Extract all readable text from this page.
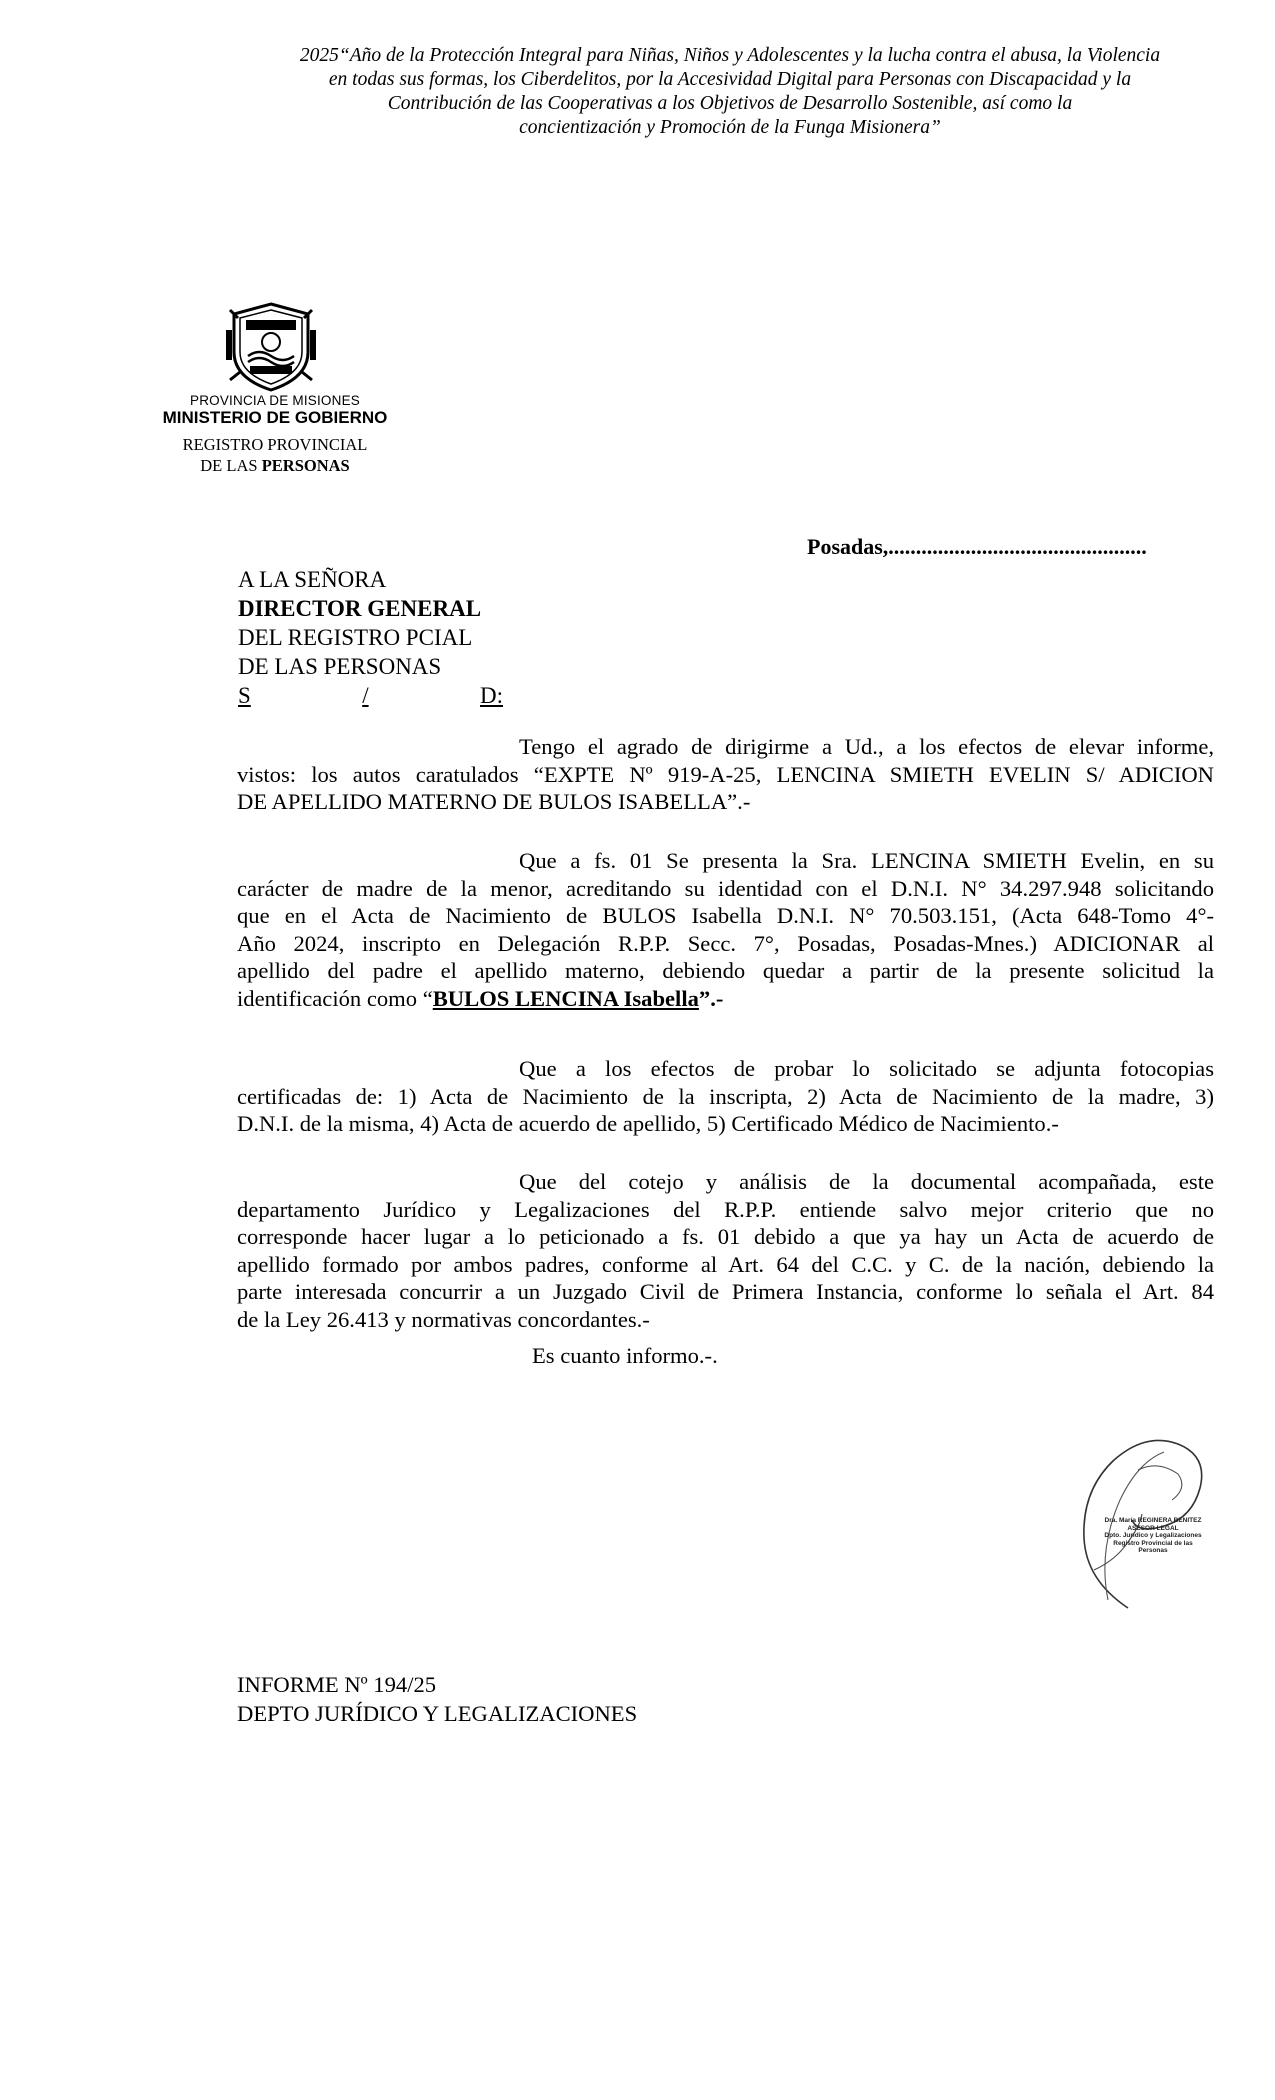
2025“Año de la Protección Integral para Niñas, Niños y Adolescentes y la lucha contra el abusa, la Violencia
en todas sus formas, los Ciberdelitos, por la Accesividad Digital para Personas con Discapacidad y la
Contribución de las Cooperativas a los Objetivos de Desarrollo Sostenible, así como la
concientización y Promoción de la Funga Misionera”
PROVINCIA DE MISIONES
MINISTERIO DE GOBIERNO
REGISTRO PROVINCIAL
DE LAS PERSONAS
Posadas,...............................................
A LA SEÑORA
DIRECTOR GENERAL
DEL REGISTRO PCIAL
DE LAS PERSONAS
S	/	D:
Tengo el agrado de dirigirme a Ud., a los efectos de elevar informe,
vistos: los autos caratulados “EXPTE Nº 919-A-25, LENCINA SMIETH EVELIN S/ ADICION
DE APELLIDO MATERNO DE BULOS ISABELLA”.-
Que a fs. 01 Se presenta la Sra. LENCINA SMIETH Evelin, en su
carácter de madre de la menor, acreditando su identidad con el D.N.I. N° 34.297.948 solicitando
que en el Acta de Nacimiento de BULOS Isabella D.N.I. N° 70.503.151, (Acta 648-Tomo 4°-
Año 2024, inscripto en Delegación R.P.P. Secc. 7°, Posadas, Posadas-Mnes.) ADICIONAR al
apellido del padre el apellido materno, debiendo quedar a partir de la presente solicitud la
identificación como “BULOS LENCINA Isabella”.-
Que a los efectos de probar lo solicitado se adjunta fotocopias
certificadas de: 1) Acta de Nacimiento de la inscripta, 2) Acta de Nacimiento de la madre, 3)
D.N.I. de la misma, 4) Acta de acuerdo de apellido, 5) Certificado Médico de Nacimiento.-
Que del cotejo y análisis de la documental acompañada, este
departamento Jurídico y Legalizaciones del R.P.P. entiende salvo mejor criterio que no
corresponde hacer lugar a lo peticionado a fs. 01 debido a que ya hay un Acta de acuerdo de
apellido formado por ambos padres, conforme al Art. 64 del C.C. y C. de la nación, debiendo la
parte interesada concurrir a un Juzgado Civil de Primera Instancia, conforme lo señala el Art. 84
de la Ley 26.413 y normativas concordantes.-
Es cuanto informo.-.
Dra. María REGINERA BENITEZ
ASESOR LEGAL
Dpto. Jurídico y Legalizaciones
Registro Provincial de las Personas
INFORME Nº 194/25
DEPTO JURÍDICO Y LEGALIZACIONES
